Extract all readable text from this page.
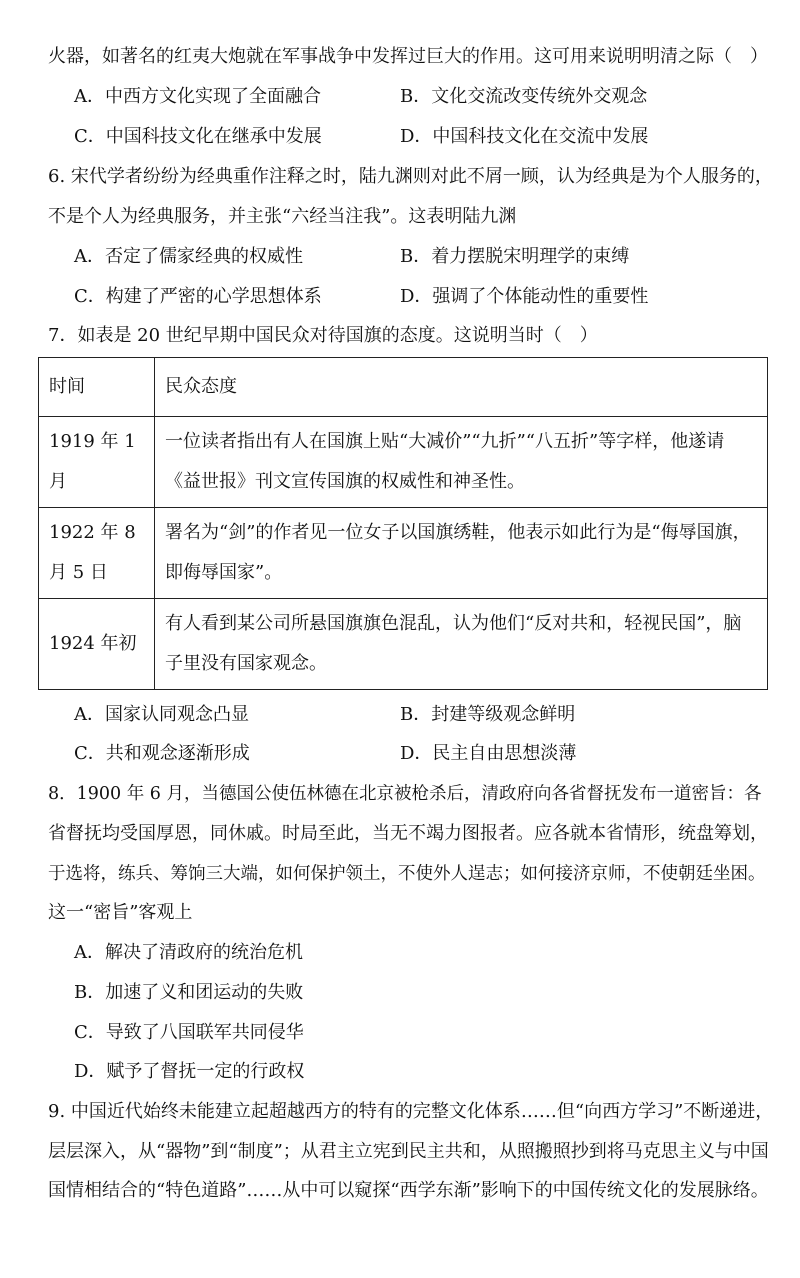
火器，如著名的红夷大炮就在军事战争中发挥过巨大的作用。这可用来说明明清之际（　）
A．中西方文化实现了全面融合	B．文化交流改变传统外交观念
C．中国科技文化在继承中发展	D．中国科技文化在交流中发展
6. 宋代学者纷纷为经典重作注释之时，陆九渊则对此不屑一顾，认为经典是为个人服务的，
不是个人为经典服务，并主张“六经当注我”。这表明陆九渊
A．否定了儒家经典的权威性	B．着力摆脱宋明理学的束缚
C．构建了严密的心学思想体系	D．强调了个体能动性的重要性
7．如表是 20 世纪早期中国民众对待国旗的态度。这说明当时（　）
时间	民众态度
1919 年 1 月	一位读者指出有人在国旗上贴“大减价”“九折”“八五折”等字样，他遂请《益世报》刊文宣传国旗的权威性和神圣性。
1922 年 8 月 5 日	署名为“剑”的作者见一位女子以国旗绣鞋，他表示如此行为是“侮辱国旗，即侮辱国家”。
1924 年初	有人看到某公司所悬国旗旗色混乱，认为他们“反对共和，轻视民国”，脑子里没有国家观念。
A．国家认同观念凸显	B．封建等级观念鲜明
C．共和观念逐渐形成	D．民主自由思想淡薄
8．1900 年 6 月，当德国公使伍林德在北京被枪杀后，清政府向各省督抚发布一道密旨：各
省督抚均受国厚恩，同休戚。时局至此，当无不竭力图报者。应各就本省情形，统盘筹划，
于选将，练兵、筹饷三大端，如何保护领土，不使外人逞志；如何接济京师，不使朝廷坐困。
这一“密旨”客观上
A．解决了清政府的统治危机
B．加速了义和团运动的失败
C．导致了八国联军共同侵华
D．赋予了督抚一定的行政权
9. 中国近代始终未能建立起超越西方的特有的完整文化体系……但“向西方学习”不断递进，
层层深入，从“器物”到“制度”；从君主立宪到民主共和，从照搬照抄到将马克思主义与中国
国情相结合的“特色道路”……从中可以窥探“西学东渐”影响下的中国传统文化的发展脉络。
